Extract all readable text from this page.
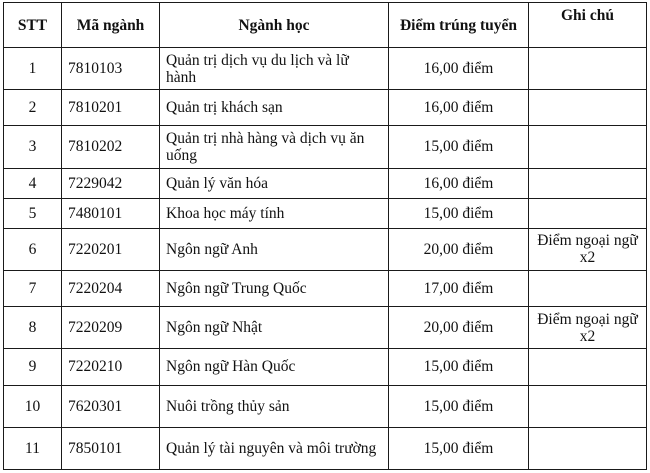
STT	Mã ngành	Ngành học	Điểm trúng tuyển	Ghi chú
1	7810103	Quản trị dịch vụ du lịch và lữ hành	16,00 điểm	
2	7810201	Quản trị khách sạn	16,00 điểm	
3	7810202	Quản trị nhà hàng và dịch vụ ăn uống	15,00 điểm	
4	7229042	Quản lý văn hóa	16,00 điểm	
5	7480101	Khoa học máy tính	15,00 điểm	
6	7220201	Ngôn ngữ Anh	20,00 điểm	Điểm ngoại ngữ x2
7	7220204	Ngôn ngữ Trung Quốc	17,00 điểm	
8	7220209	Ngôn ngữ Nhật	20,00 điểm	Điểm ngoại ngữ x2
9	7220210	Ngôn ngữ Hàn Quốc	15,00 điểm	
10	7620301	Nuôi trồng thủy sản	15,00 điểm	
11	7850101	Quản lý tài nguyên và môi trường	15,00 điểm	
